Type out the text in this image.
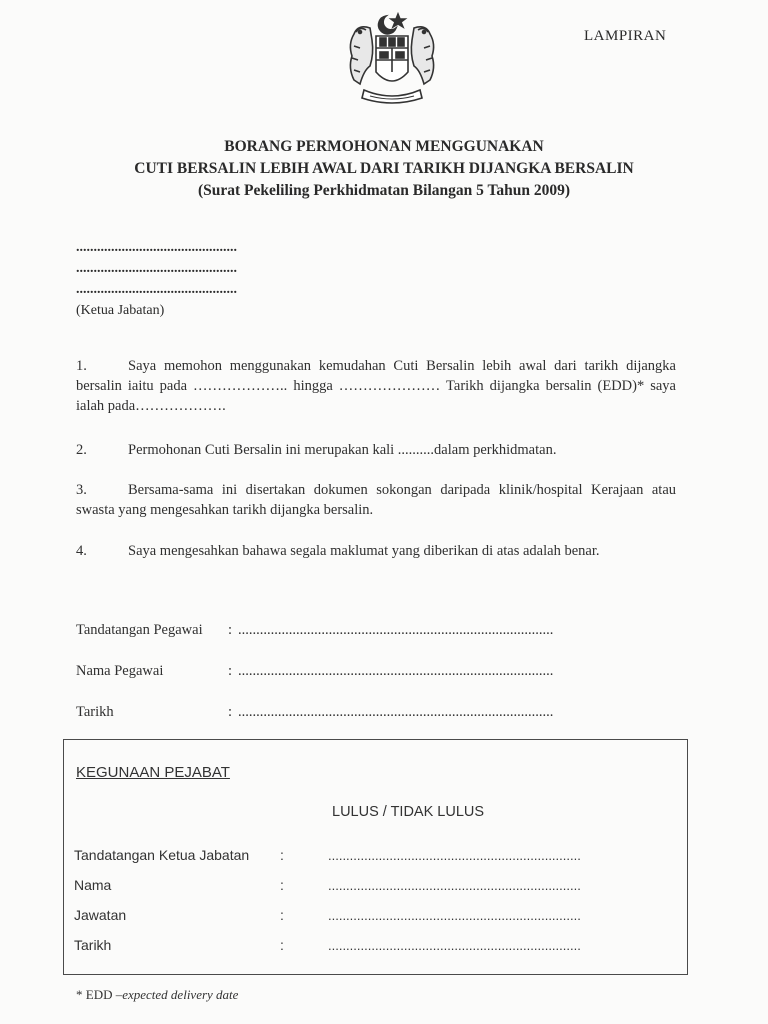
LAMPIRAN
BORANG PERMOHONAN MENGGUNAKAN
CUTI BERSALIN LEBIH AWAL DARI TARIKH DIJANGKA BERSALIN
(Surat Pekeliling Perkhidmatan Bilangan 5 Tahun 2009)
..............................................
..............................................
..............................................
(Ketua Jabatan)
1.	Saya memohon menggunakan kemudahan Cuti Bersalin lebih awal dari tarikh dijangka bersalin iaitu pada ……………….. hingga ………………… Tarikh dijangka bersalin (EDD)* saya ialah pada……………….
2.	Permohonan Cuti Bersalin ini merupakan kali ..........dalam perkhidmatan.
3.	Bersama-sama ini disertakan dokumen sokongan daripada klinik/hospital Kerajaan atau swasta yang mengesahkan tarikh dijangka bersalin.
4.	Saya mengesahkan bahawa segala maklumat yang diberikan di atas adalah benar.
Tandatangan Pegawai : .......................................................................................
Nama Pegawai	: .......................................................................................
Tarikh	: .......................................................................................
KEGUNAAN PEJABAT
LULUS / TIDAK LULUS
Tandatangan Ketua Jabatan :	......................................................................
Nama	:	......................................................................
Jawatan	:	......................................................................
Tarikh	:	......................................................................
* EDD –expected delivery date
